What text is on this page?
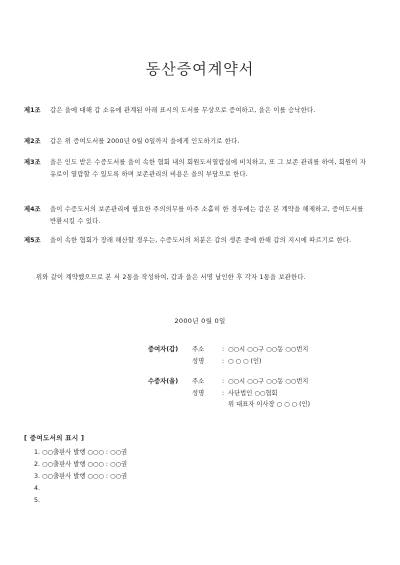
동산증여계약서
제1조	갑은 을에 대해 갑 소유에 관계된 아래 표시의 도서를 무상으로 증여하고, 을은 이를 승낙한다.
제2조	갑은 위 증여도서를 2000년 0월 0일까지 을에게 인도하기로 한다.
제3조	을은 인도 받은 수증도서를 을이 속한 협회 내의 회원도서열람실에 비치하고, 또 그 보존 관리를 하여, 회원이 자유로이 열람할 수 있도록 하며 보존관리의 비용은 을의 부담으로 한다.
제4조	을이 수증도서의 보존관리에 필요한 주의의무를 아주 소홀히 한 경우에는 갑은 본 계약을 해제하고, 증여도서를 반환시킬 수 있다.
제5조	을이 속한 협회가 장래 해산할 경우는, 수증도서의 처분은 갑의 생존 중에 한해 갑의 지시에 따르기로 한다.
위와 같이 계약했으므로 본 서 2통을 작성하여, 갑과 을은 서명 날인한 후 각자 1통을 보관한다.
2000년 0월 0일
증여자(갑)	주소	: ○○시 ○○구 ○○동 ○○번지
성명	: ○ ○ ○ (인)
수증자(을)	주소	: ○○시 ○○구 ○○동 ○○번지
성명	: 사단법인 ○○협회
위 대표자 이사장 ○ ○ ○ (인)
[ 증여도서의 표시 ]
1. ○○출판사 발행 ○○○ : ○○권
2. ○○출판사 발행 ○○○ : ○○권
3. ○○출판사 발행 ○○○ : ○○권
4.
5.
